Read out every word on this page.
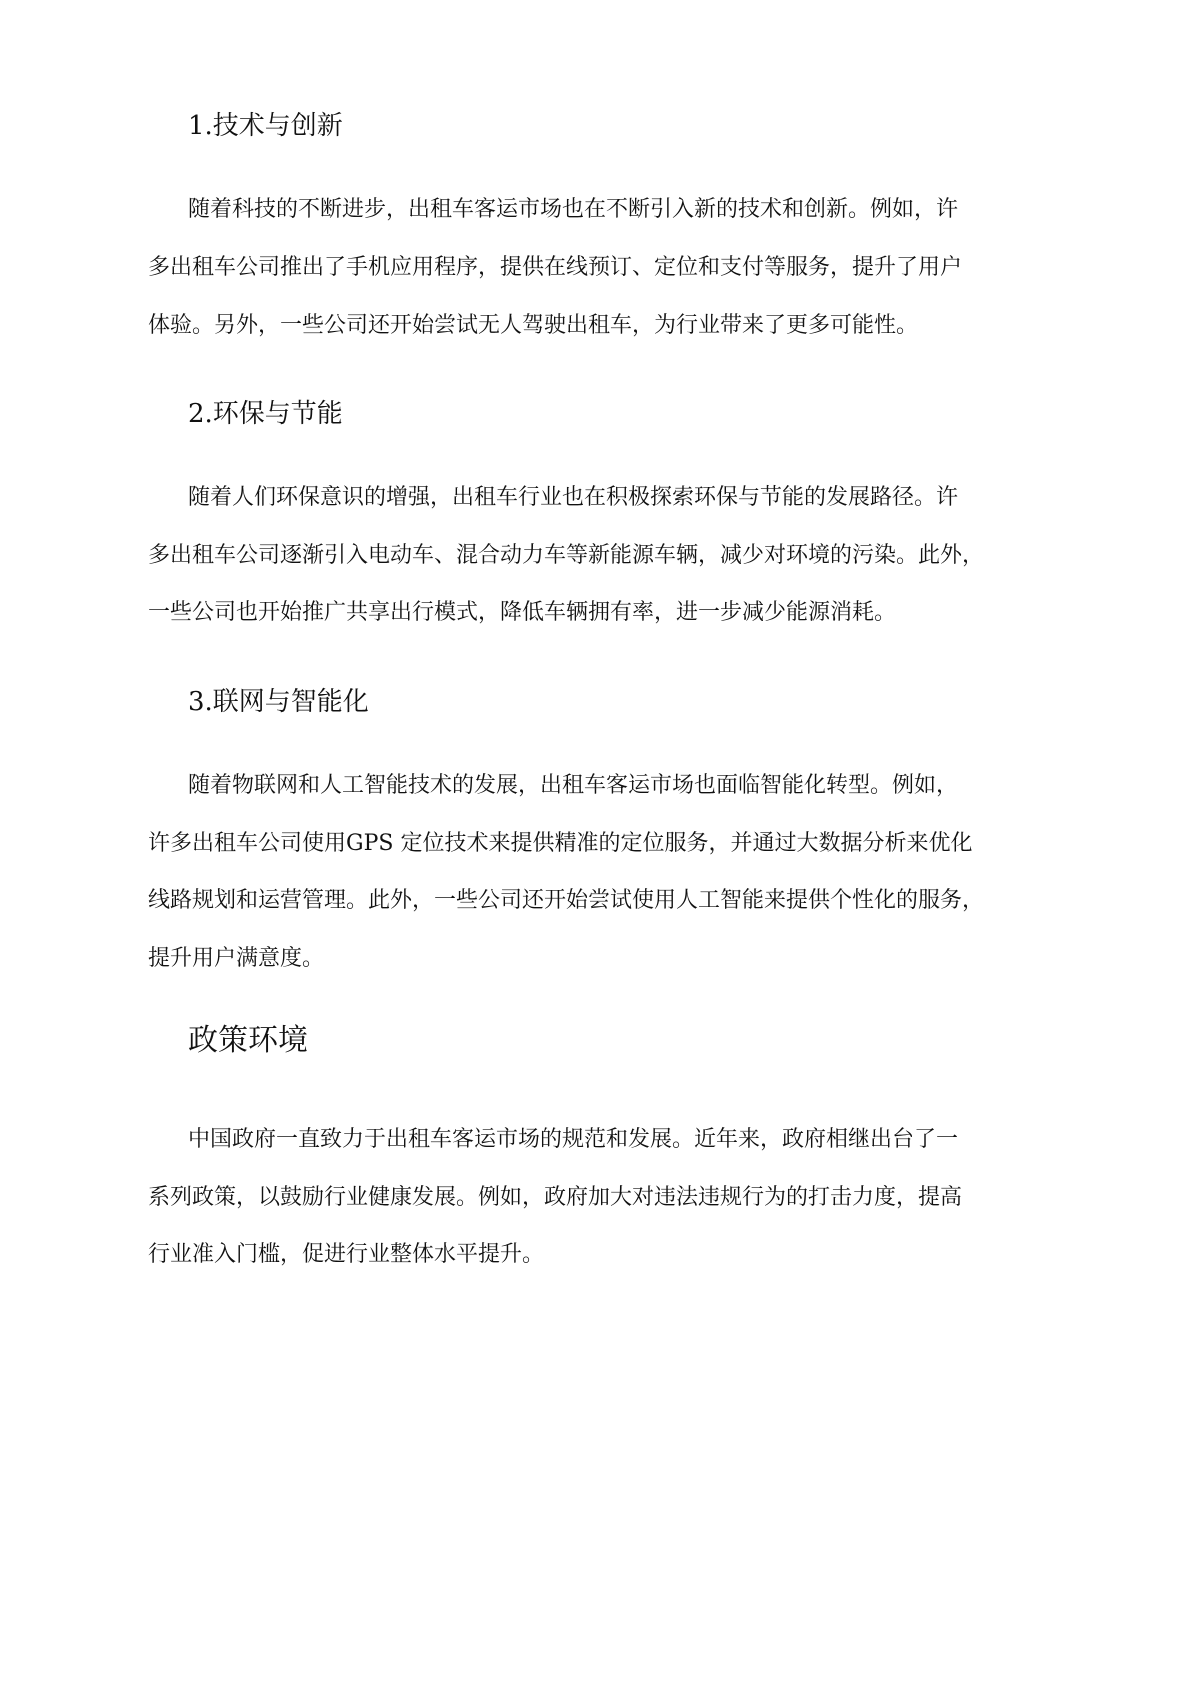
1.技术与创新

随着科技的不断进步，出租车客运市场也在不断引入新的技术和创新。例如，许

多出租车公司推出了手机应用程序，提供在线预订、定位和支付等服务，提升了用户

体验。另外，一些公司还开始尝试无人驾驶出租车，为行业带来了更多可能性。

2.环保与节能

随着人们环保意识的增强，出租车行业也在积极探索环保与节能的发展路径。许

多出租车公司逐渐引入电动车、混合动力车等新能源车辆，减少对环境的污染。此外，

一些公司也开始推广共享出行模式，降低车辆拥有率，进一步减少能源消耗。

3.联网与智能化

随着物联网和人工智能技术的发展，出租车客运市场也面临智能化转型。例如，

许多出租车公司使用GPS 定位技术来提供精准的定位服务，并通过大数据分析来优化

线路规划和运营管理。此外，一些公司还开始尝试使用人工智能来提供个性化的服务，

提升用户满意度。

政策环境

中国政府一直致力于出租车客运市场的规范和发展。近年来，政府相继出台了一

系列政策，以鼓励行业健康发展。例如，政府加大对违法违规行为的打击力度，提高

行业准入门槛，促进行业整体水平提升。
